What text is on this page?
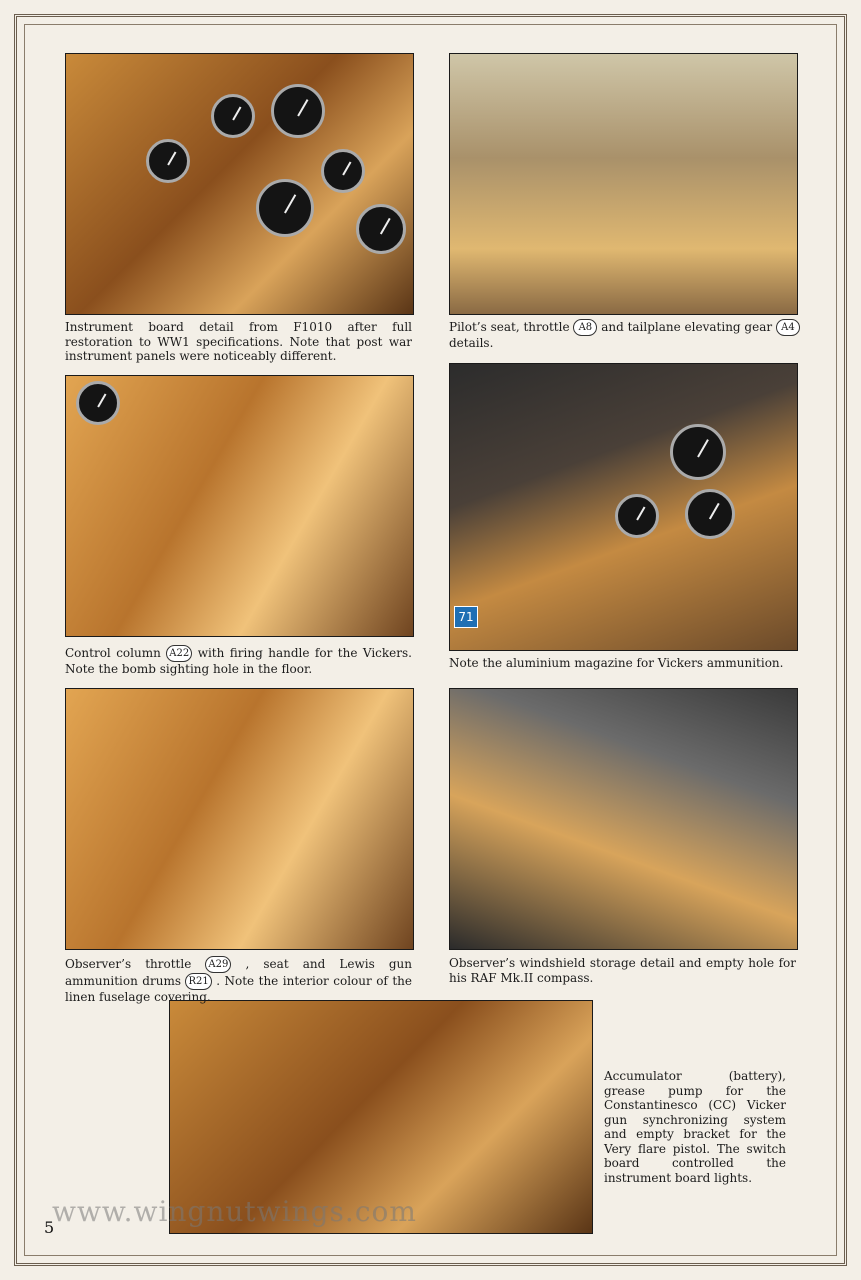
71
Instrument board detail from F1010 after full restoration to WW1 specifications. Note that post war instrument panels were noticeably different.
Pilot’s seat, throttle A8 and tailplane elevating gear A4 details.
Control column A22 with firing handle for the Vickers. Note the bomb sighting hole in the floor.	Note the aluminium magazine for Vickers ammunition.
Observer’s throttle A29 , seat and Lewis gun ammunition drums R21 . Note the interior colour of the linen fuselage covering.
Observer’s windshield storage detail and empty hole for his RAF Mk.II compass.
Accumulator (battery), grease pump for the Constantinesco (CC) Vicker gun synchronizing system and empty bracket for the Very flare pistol. The switch board controlled the instrument board lights.
www.wingnutwings.com
5
